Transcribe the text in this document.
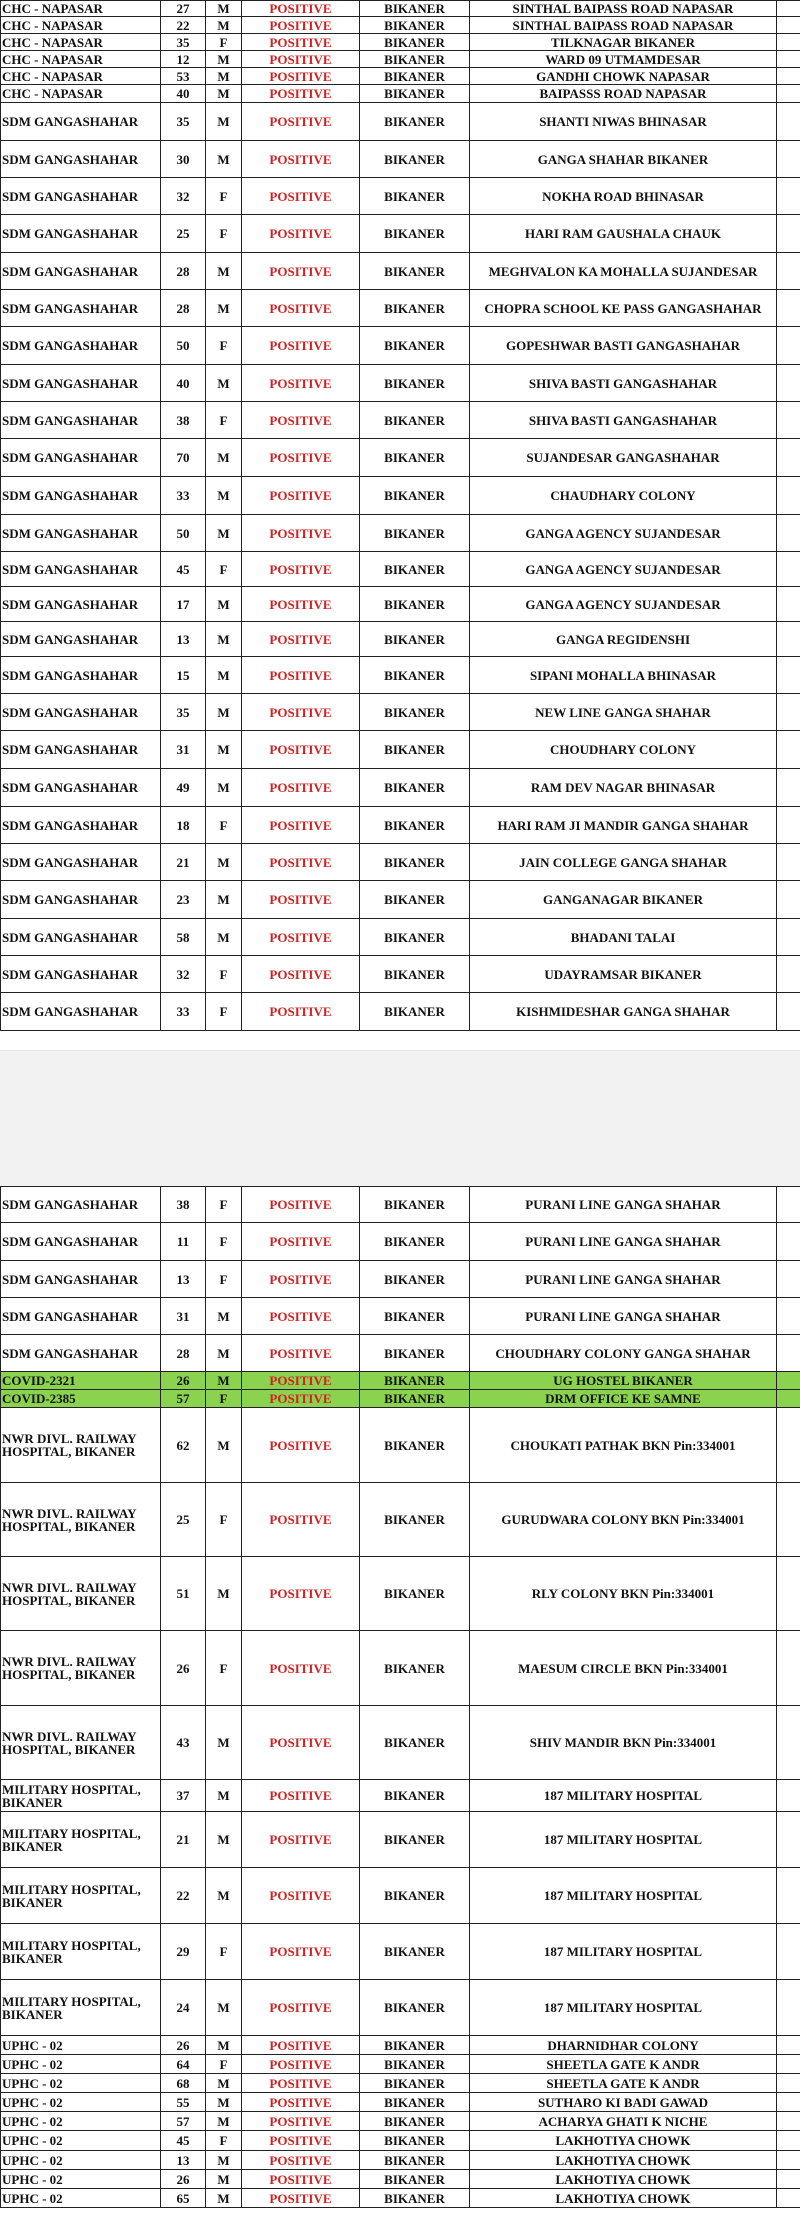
CHC - NAPASAR	27	M	POSITIVE	BIKANER	SINTHAL BAIPASS ROAD NAPASAR	
CHC - NAPASAR	22	M	POSITIVE	BIKANER	SINTHAL BAIPASS ROAD NAPASAR	
CHC - NAPASAR	35	F	POSITIVE	BIKANER	TILKNAGAR BIKANER	
CHC - NAPASAR	12	M	POSITIVE	BIKANER	WARD 09 UTMAMDESAR	
CHC - NAPASAR	53	M	POSITIVE	BIKANER	GANDHI CHOWK NAPASAR	
CHC - NAPASAR	40	M	POSITIVE	BIKANER	BAIPASSS ROAD NAPASAR	
SDM GANGASHAHAR	35	M	POSITIVE	BIKANER	SHANTI NIWAS BHINASAR	
SDM GANGASHAHAR	30	M	POSITIVE	BIKANER	GANGA SHAHAR BIKANER	
SDM GANGASHAHAR	32	F	POSITIVE	BIKANER	NOKHA ROAD BHINASAR	
SDM GANGASHAHAR	25	F	POSITIVE	BIKANER	HARI RAM GAUSHALA CHAUK	
SDM GANGASHAHAR	28	M	POSITIVE	BIKANER	MEGHVALON KA MOHALLA SUJANDESAR	
SDM GANGASHAHAR	28	M	POSITIVE	BIKANER	CHOPRA SCHOOL KE PASS GANGASHAHAR	
SDM GANGASHAHAR	50	F	POSITIVE	BIKANER	GOPESHWAR BASTI GANGASHAHAR	
SDM GANGASHAHAR	40	M	POSITIVE	BIKANER	SHIVA BASTI GANGASHAHAR	
SDM GANGASHAHAR	38	F	POSITIVE	BIKANER	SHIVA BASTI GANGASHAHAR	
SDM GANGASHAHAR	70	M	POSITIVE	BIKANER	SUJANDESAR GANGASHAHAR	
SDM GANGASHAHAR	33	M	POSITIVE	BIKANER	CHAUDHARY COLONY	
SDM GANGASHAHAR	50	M	POSITIVE	BIKANER	GANGA AGENCY SUJANDESAR	
SDM GANGASHAHAR	45	F	POSITIVE	BIKANER	GANGA AGENCY SUJANDESAR	
SDM GANGASHAHAR	17	M	POSITIVE	BIKANER	GANGA AGENCY SUJANDESAR	
SDM GANGASHAHAR	13	M	POSITIVE	BIKANER	GANGA REGIDENSHI	
SDM GANGASHAHAR	15	M	POSITIVE	BIKANER	SIPANI MOHALLA BHINASAR	
SDM GANGASHAHAR	35	M	POSITIVE	BIKANER	NEW LINE GANGA SHAHAR	
SDM GANGASHAHAR	31	M	POSITIVE	BIKANER	CHOUDHARY COLONY	
SDM GANGASHAHAR	49	M	POSITIVE	BIKANER	RAM DEV NAGAR BHINASAR	
SDM GANGASHAHAR	18	F	POSITIVE	BIKANER	HARI RAM JI MANDIR GANGA SHAHAR	
SDM GANGASHAHAR	21	M	POSITIVE	BIKANER	JAIN COLLEGE GANGA SHAHAR	
SDM GANGASHAHAR	23	M	POSITIVE	BIKANER	GANGANAGAR BIKANER	
SDM GANGASHAHAR	58	M	POSITIVE	BIKANER	BHADANI TALAI	
SDM GANGASHAHAR	32	F	POSITIVE	BIKANER	UDAYRAMSAR BIKANER	
SDM GANGASHAHAR	33	F	POSITIVE	BIKANER	KISHMIDESHAR GANGA SHAHAR	
SDM GANGASHAHAR	38	F	POSITIVE	BIKANER	PURANI LINE GANGA SHAHAR	
SDM GANGASHAHAR	11	F	POSITIVE	BIKANER	PURANI LINE GANGA SHAHAR	
SDM GANGASHAHAR	13	F	POSITIVE	BIKANER	PURANI LINE GANGA SHAHAR	
SDM GANGASHAHAR	31	M	POSITIVE	BIKANER	PURANI LINE GANGA SHAHAR	
SDM GANGASHAHAR	28	M	POSITIVE	BIKANER	CHOUDHARY COLONY GANGA SHAHAR	
COVID-2321	26	M	POSITIVE	BIKANER	UG HOSTEL BIKANER	
COVID-2385	57	F	POSITIVE	BIKANER	DRM OFFICE KE SAMNE	
NWR DIVL. RAILWAY HOSPITAL, BIKANER	62	M	POSITIVE	BIKANER	CHOUKATI PATHAK BKN Pin:334001	
NWR DIVL. RAILWAY HOSPITAL, BIKANER	25	F	POSITIVE	BIKANER	GURUDWARA COLONY BKN Pin:334001	
NWR DIVL. RAILWAY HOSPITAL, BIKANER	51	M	POSITIVE	BIKANER	RLY COLONY BKN Pin:334001	
NWR DIVL. RAILWAY HOSPITAL, BIKANER	26	F	POSITIVE	BIKANER	MAESUM CIRCLE BKN Pin:334001	
NWR DIVL. RAILWAY HOSPITAL, BIKANER	43	M	POSITIVE	BIKANER	SHIV MANDIR BKN Pin:334001	
MILITARY HOSPITAL, BIKANER	37	M	POSITIVE	BIKANER	187 MILITARY HOSPITAL	
MILITARY HOSPITAL, BIKANER	21	M	POSITIVE	BIKANER	187 MILITARY HOSPITAL	
MILITARY HOSPITAL, BIKANER	22	M	POSITIVE	BIKANER	187 MILITARY HOSPITAL	
MILITARY HOSPITAL, BIKANER	29	F	POSITIVE	BIKANER	187 MILITARY HOSPITAL	
MILITARY HOSPITAL, BIKANER	24	M	POSITIVE	BIKANER	187 MILITARY HOSPITAL	
UPHC - 02	26	M	POSITIVE	BIKANER	DHARNIDHAR COLONY	
UPHC - 02	64	F	POSITIVE	BIKANER	SHEETLA GATE K ANDR	
UPHC - 02	68	M	POSITIVE	BIKANER	SHEETLA GATE K ANDR	
UPHC - 02	55	M	POSITIVE	BIKANER	SUTHARO KI BADI GAWAD	
UPHC - 02	57	M	POSITIVE	BIKANER	ACHARYA GHATI K NICHE	
UPHC - 02	45	F	POSITIVE	BIKANER	LAKHOTIYA CHOWK	
UPHC - 02	13	M	POSITIVE	BIKANER	LAKHOTIYA CHOWK	
UPHC - 02	26	M	POSITIVE	BIKANER	LAKHOTIYA CHOWK	
UPHC - 02	65	M	POSITIVE	BIKANER	LAKHOTIYA CHOWK	
